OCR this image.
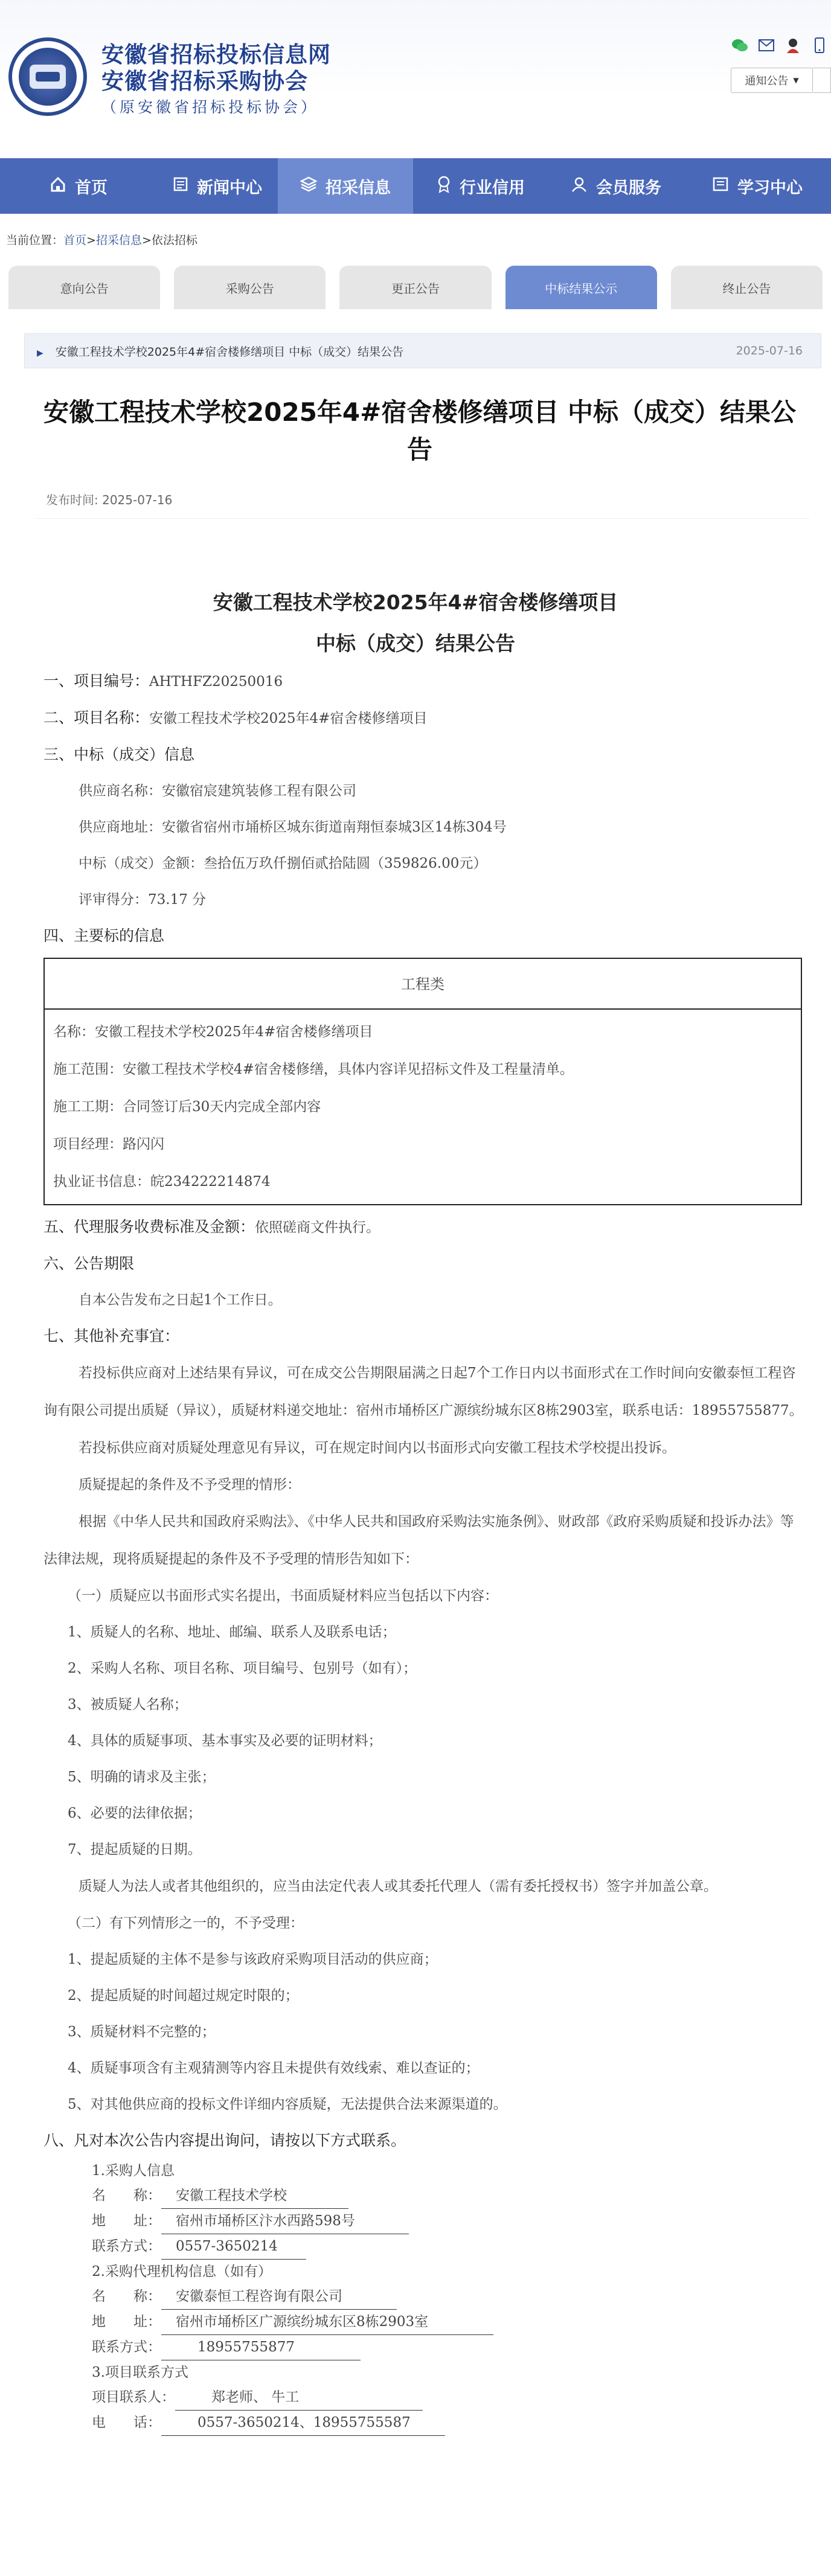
安徽省招标投标信息网
安徽省招标采购协会
（原安徽省招标投标协会）
通知公告 ▼
首页	新闻中心	招采信息	行业信用	会员服务	学习中心
当前位置：首页>招采信息>依法招标
意向公告	采购公告	更正公告	中标结果公示	终止公告
▶ 安徽工程技术学校2025年4#宿舍楼修缮项目 中标（成交）结果公告	2025-07-16
安徽工程技术学校2025年4#宿舍楼修缮项目 中标（成交）结果公告
发布时间: 2025-07-16
安徽工程技术学校2025年4#宿舍楼修缮项目
中标（成交）结果公告
一、项目编号：AHTHFZ20250016
二、项目名称：安徽工程技术学校2025年4#宿舍楼修缮项目
三、中标（成交）信息
供应商名称：安徽宿宸建筑装修工程有限公司
供应商地址：安徽省宿州市埇桥区城东街道南翔恒泰城3区14栋304号
中标（成交）金额：叁拾伍万玖仟捌佰贰拾陆圆（359826.00元）
评审得分：73.17 分
四、主要标的信息
工程类
名称：安徽工程技术学校2025年4#宿舍楼修缮项目
施工范围：安徽工程技术学校4#宿舍楼修缮，具体内容详见招标文件及工程量清单。
施工工期：合同签订后30天内完成全部内容
项目经理：路闪闪
执业证书信息：皖234222214874
五、代理服务收费标准及金额：依照磋商文件执行。
六、公告期限
自本公告发布之日起1个工作日。
七、其他补充事宜：
若投标供应商对上述结果有异议，可在成交公告期限届满之日起7个工作日内以书面形式在工作时间向安徽泰恒工程咨询有限公司提出质疑（异议），质疑材料递交地址：宿州市埇桥区广源缤纷城东区8栋2903室，联系电话：18955755877。
若投标供应商对质疑处理意见有异议，可在规定时间内以书面形式向安徽工程技术学校提出投诉。
质疑提起的条件及不予受理的情形：
根据《中华人民共和国政府采购法》、《中华人民共和国政府采购法实施条例》、财政部《政府采购质疑和投诉办法》等法律法规，现将质疑提起的条件及不予受理的情形告知如下：
（一）质疑应以书面形式实名提出，书面质疑材料应当包括以下内容：
1、质疑人的名称、地址、邮编、联系人及联系电话；
2、采购人名称、项目名称、项目编号、包别号（如有）；
3、被质疑人名称；
4、具体的质疑事项、基本事实及必要的证明材料；
5、明确的请求及主张；
6、必要的法律依据；
7、提起质疑的日期。
质疑人为法人或者其他组织的，应当由法定代表人或其委托代理人（需有委托授权书）签字并加盖公章。
（二）有下列情形之一的，不予受理：
1、提起质疑的主体不是参与该政府采购项目活动的供应商；
2、提起质疑的时间超过规定时限的；
3、质疑材料不完整的；
4、质疑事项含有主观猜测等内容且未提供有效线索、难以查证的；
5、对其他供应商的投标文件详细内容质疑，无法提供合法来源渠道的。
八、凡对本次公告内容提出询问，请按以下方式联系。
1.采购人信息
名　　称： 安徽工程技术学校
地　　址： 宿州市埇桥区汴水西路598号
联系方式： 0557-3650214
2.采购代理机构信息（如有）
名　　称： 安徽泰恒工程咨询有限公司
地　　址： 宿州市埇桥区广源缤纷城东区8栋2903室
联系方式：	18955755877
3.项目联系方式
项目联系人：	郑老师、 牛工
电　　话：	0557-3650214、18955755587
